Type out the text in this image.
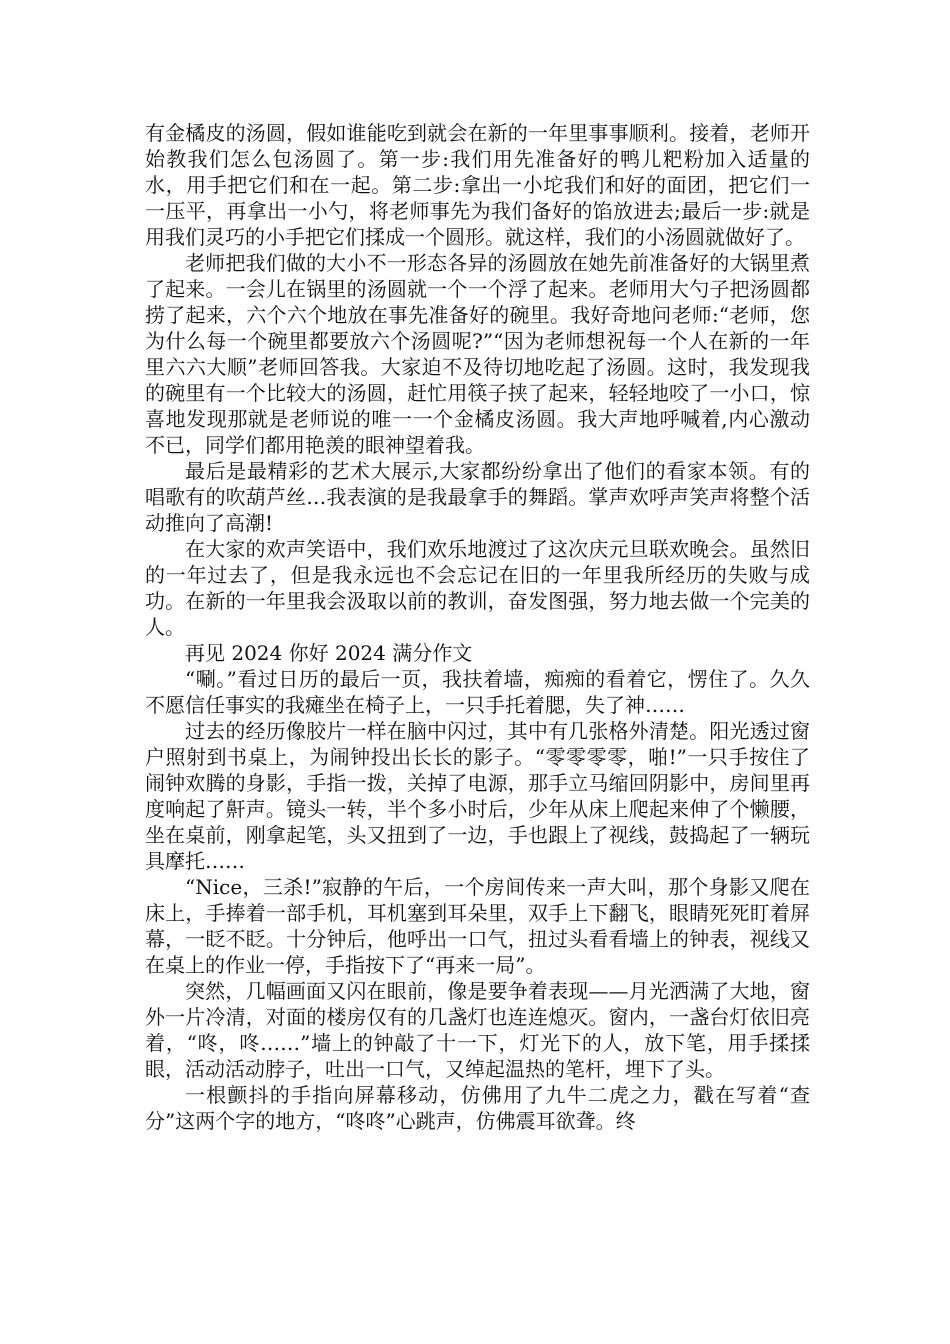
有金橘皮的汤圆，假如谁能吃到就会在新的一年里事事顺利。接着，老师开始教我们怎么包汤圆了。第一步:我们用先准备好的鸭儿粑粉加入适量的水，用手把它们和在一起。第二步:拿出一小坨我们和好的面团，把它们一一压平，再拿出一小勺，将老师事先为我们备好的馅放进去;最后一步:就是用我们灵巧的小手把它们揉成一个圆形。就这样，我们的小汤圆就做好了。

老师把我们做的大小不一形态各异的汤圆放在她先前准备好的大锅里煮了起来。一会儿在锅里的汤圆就一个一个浮了起来。老师用大勺子把汤圆都捞了起来，六个六个地放在事先准备好的碗里。我好奇地问老师:“老师，您为什么每一个碗里都要放六个汤圆呢?”“因为老师想祝每一个人在新的一年里六六大顺”老师回答我。大家迫不及待切地吃起了汤圆。这时，我发现我的碗里有一个比较大的汤圆，赶忙用筷子挟了起来，轻轻地咬了一小口，惊喜地发现那就是老师说的唯一一个金橘皮汤圆。我大声地呼喊着,内心激动不已，同学们都用艳羡的眼神望着我。

最后是最精彩的艺术大展示,大家都纷纷拿出了他们的看家本领。有的唱歌有的吹葫芦丝…我表演的是我最拿手的舞蹈。掌声欢呼声笑声将整个活动推向了高潮!

在大家的欢声笑语中，我们欢乐地渡过了这次庆元旦联欢晚会。虽然旧的一年过去了，但是我永远也不会忘记在旧的一年里我所经历的失败与成功。在新的一年里我会汲取以前的教训，奋发图强，努力地去做一个完美的人。

再见 2024 你好 2024 满分作文

“唰。”看过日历的最后一页，我扶着墙，痴痴的看着它，愣住了。久久不愿信任事实的我瘫坐在椅子上，一只手托着腮，失了神……

过去的经历像胶片一样在脑中闪过，其中有几张格外清楚。阳光透过窗户照射到书桌上，为闹钟投出长长的影子。“零零零零，啪!”一只手按住了闹钟欢腾的身影，手指一拨，关掉了电源，那手立马缩回阴影中，房间里再度响起了鼾声。镜头一转，半个多小时后，少年从床上爬起来伸了个懒腰，坐在桌前，刚拿起笔，头又扭到了一边，手也跟上了视线，鼓捣起了一辆玩具摩托……

“Nice，三杀!”寂静的午后，一个房间传来一声大叫，那个身影又爬在床上，手捧着一部手机，耳机塞到耳朵里，双手上下翻飞，眼睛死死盯着屏幕，一眨不眨。十分钟后，他呼出一口气，扭过头看看墙上的钟表，视线又在桌上的作业一停，手指按下了“再来一局”。

突然，几幅画面又闪在眼前，像是要争着表现——月光洒满了大地，窗外一片冷清，对面的楼房仅有的几盏灯也连连熄灭。窗内，一盏台灯依旧亮着，“咚，咚……”墙上的钟敲了十一下，灯光下的人，放下笔，用手揉揉眼，活动活动脖子，吐出一口气，又绰起温热的笔杆，埋下了头。

一根颤抖的手指向屏幕移动，仿佛用了九牛二虎之力，戳在写着“查分”这两个字的地方，“咚咚”心跳声，仿佛震耳欲聋。终
